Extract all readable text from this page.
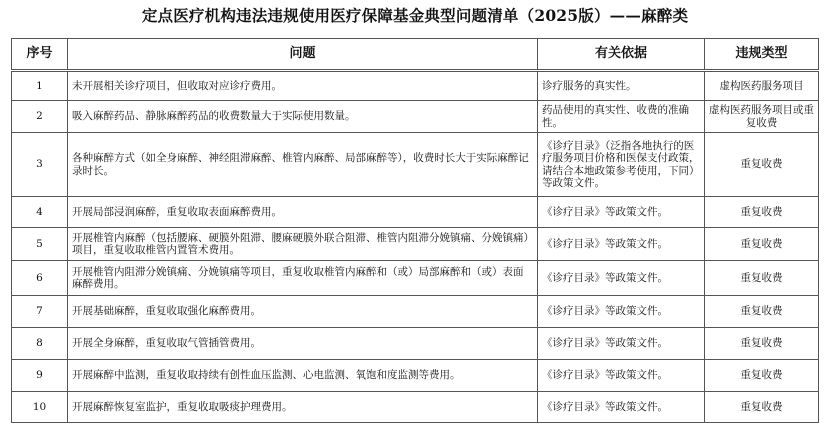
定点医疗机构违法违规使用医疗保障基金典型问题清单（2025版）——麻醉类
序号	问题	有关依据	违规类型
1	未开展相关诊疗项目，但收取对应诊疗费用。	诊疗服务的真实性。	虚构医药服务项目
2	吸入麻醉药品、静脉麻醉药品的收费数量大于实际使用数量。	药品使用的真实性、收费的准确性。	虚构医药服务项目或重复收费
3	各种麻醉方式（如全身麻醉、神经阻滞麻醉、椎管内麻醉、局部麻醉等），收费时长大于实际麻醉记录时长。	《诊疗目录》（泛指各地执行的医疗服务项目价格和医保支付政策，请结合本地政策参考使用，下同）等政策文件。	重复收费
4	开展局部浸润麻醉，重复收取表面麻醉费用。	《诊疗目录》等政策文件。	重复收费
5	开展椎管内麻醉（包括腰麻、硬膜外阻滞、腰麻硬膜外联合阻滞、椎管内阻滞分娩镇痛、分娩镇痛）项目，重复收取椎管内置管术费用。	《诊疗目录》等政策文件。	重复收费
6	开展椎管内阻滞分娩镇痛、分娩镇痛等项目，重复收取椎管内麻醉和（或）局部麻醉和（或）表面麻醉费用。	《诊疗目录》等政策文件。	重复收费
7	开展基础麻醉，重复收取强化麻醉费用。	《诊疗目录》等政策文件。	重复收费
8	开展全身麻醉，重复收取气管插管费用。	《诊疗目录》等政策文件。	重复收费
9	开展麻醉中监测，重复收取持续有创性血压监测、心电监测、氧饱和度监测等费用。	《诊疗目录》等政策文件。	重复收费
10	开展麻醉恢复室监护，重复收取吸痰护理费用。	《诊疗目录》等政策文件。	重复收费
